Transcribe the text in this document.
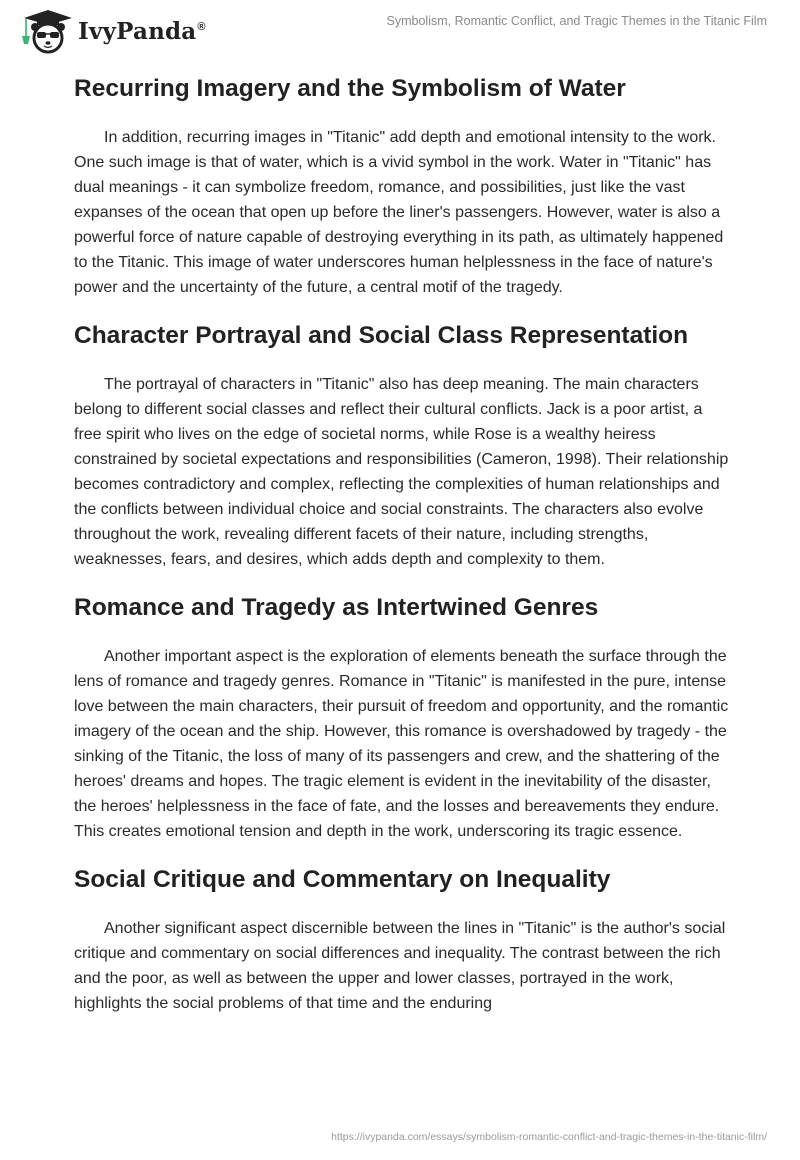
IvyPanda®	Symbolism, Romantic Conflict, and Tragic Themes in the Titanic Film
Recurring Imagery and the Symbolism of Water

In addition, recurring images in "Titanic" add depth and emotional intensity to the work. One such image is that of water, which is a vivid symbol in the work. Water in "Titanic" has dual meanings - it can symbolize freedom, romance, and possibilities, just like the vast expanses of the ocean that open up before the liner's passengers. However, water is also a powerful force of nature capable of destroying everything in its path, as ultimately happened to the Titanic. This image of water underscores human helplessness in the face of nature's power and the uncertainty of the future, a central motif of the tragedy.

Character Portrayal and Social Class Representation

The portrayal of characters in "Titanic" also has deep meaning. The main characters belong to different social classes and reflect their cultural conflicts. Jack is a poor artist, a free spirit who lives on the edge of societal norms, while Rose is a wealthy heiress constrained by societal expectations and responsibilities (Cameron, 1998). Their relationship becomes contradictory and complex, reflecting the complexities of human relationships and the conflicts between individual choice and social constraints. The characters also evolve throughout the work, revealing different facets of their nature, including strengths, weaknesses, fears, and desires, which adds depth and complexity to them.

Romance and Tragedy as Intertwined Genres

Another important aspect is the exploration of elements beneath the surface through the lens of romance and tragedy genres. Romance in "Titanic" is manifested in the pure, intense love between the main characters, their pursuit of freedom and opportunity, and the romantic imagery of the ocean and the ship. However, this romance is overshadowed by tragedy - the sinking of the Titanic, the loss of many of its passengers and crew, and the shattering of the heroes' dreams and hopes. The tragic element is evident in the inevitability of the disaster, the heroes' helplessness in the face of fate, and the losses and bereavements they endure. This creates emotional tension and depth in the work, underscoring its tragic essence.

Social Critique and Commentary on Inequality

Another significant aspect discernible between the lines in "Titanic" is the author's social critique and commentary on social differences and inequality. The contrast between the rich and the poor, as well as between the upper and lower classes, portrayed in the work, highlights the social problems of that time and the enduring

https://ivypanda.com/essays/symbolism-romantic-conflict-and-tragic-themes-in-the-titanic-film/
